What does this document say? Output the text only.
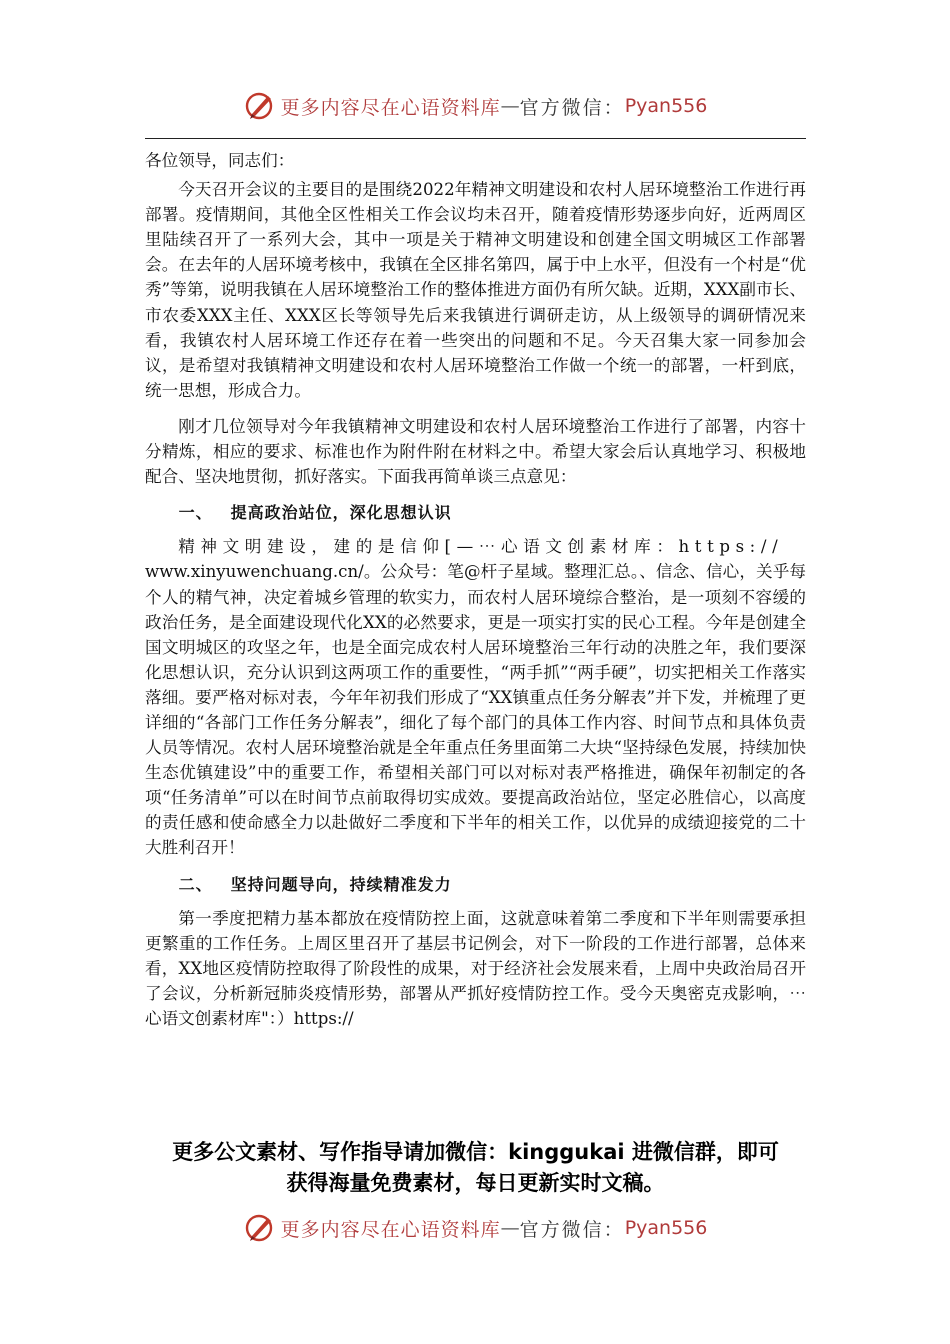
更多内容尽在心语资料库 — 官方微信： Pyan556

各位领导，同志们：

今天召开会议的主要目的是围绕2022年精神文明建设和农村人居环境整治工作进行再部署。疫情期间，其他全区性相关工作会议均未召开，随着疫情形势逐步向好，近两周区里陆续召开了一系列大会，其中一项是关于精神文明建设和创建全国文明城区工作部署会。在去年的人居环境考核中，我镇在全区排名第四，属于中上水平，但没有一个村是“优秀”等第，说明我镇在人居环境整治工作的整体推进方面仍有所欠缺。近期，XXX副市长、市农委XXX主任、XXX区长等领导先后来我镇进行调研走访，从上级领导的调研情况来看，我镇农村人居环境工作还存在着一些突出的问题和不足。今天召集大家一同参加会议，是希望对我镇精神文明建设和农村人居环境整治工作做一个统一的部署，一杆到底，统一思想，形成合力。

刚才几位领导对今年我镇精神文明建设和农村人居环境整治工作进行了部署，内容十分精炼，相应的要求、标准也作为附件附在材料之中。希望大家会后认真地学习、积极地配合、坚决地贯彻，抓好落实。下面我再简单谈三点意见：

一、 提高政治站位，深化思想认识

精神文明建设，建的是信仰[—⋯心语文创素材库：https://

www.xinyuwenchuang.cn/。公众号：笔@杆子星域。整理汇总。、信念、信心，关乎每个人的精气神，决定着城乡管理的软实力，而农村人居环境综合整治，是一项刻不容缓的政治任务，是全面建设现代化XX的必然要求，更是一项实打实的民心工程。今年是创建全国文明城区的攻坚之年，也是全面完成农村人居环境整治三年行动的决胜之年，我们要深化思想认识，充分认识到这两项工作的重要性，“两手抓”“两手硬”，切实把相关工作落实落细。要严格对标对表，今年年初我们形成了“XX镇重点任务分解表”并下发，并梳理了更详细的“各部门工作任务分解表”，细化了每个部门的具体工作内容、时间节点和具体负责人员等情况。农村人居环境整治就是全年重点任务里面第二大块“坚持绿色发展，持续加快生态优镇建设”中的重要工作，希望相关部门可以对标对表严格推进，确保年初制定的各项“任务清单”可以在时间节点前取得切实成效。要提高政治站位，坚定必胜信心，以高度的责任感和使命感全力以赴做好二季度和下半年的相关工作，以优异的成绩迎接党的二十大胜利召开！

二、 坚持问题导向，持续精准发力

第一季度把精力基本都放在疫情防控上面，这就意味着第二季度和下半年则需要承担更繁重的工作任务。上周区里召开了基层书记例会，对下一阶段的工作进行部署，总体来看，XX地区疫情防控取得了阶段性的成果，对于经济社会发展来看，上周中央政治局召开了会议，分析新冠肺炎疫情形势，部署从严抓好疫情防控工作。受今天奥密克戎影响，⋯心语文创素材库"：）https://

更多公文素材、写作指导请加微信：kinggukai 进微信群，即可
获得海量免费素材，每日更新实时文稿。
更多内容尽在心语资料库 — 官方微信： Pyan556
